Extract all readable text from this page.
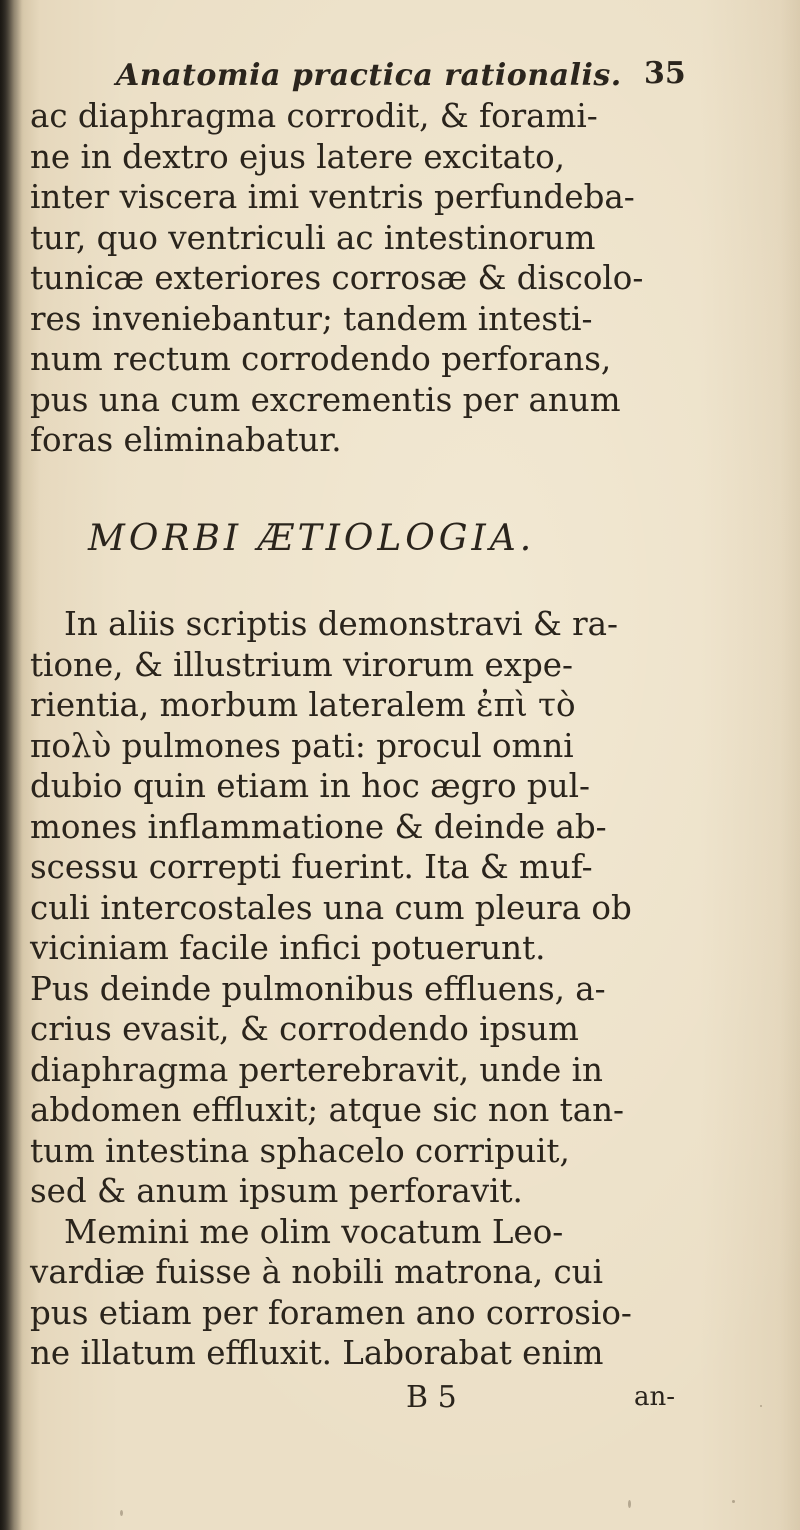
Anatomia practica rationalis. 35
ac diaphragma corrodit, & forami-
ne in dextro ejus latere excitato,
inter viscera imi ventris perfundeba-
tur, quo ventriculi ac intestinorum
tunicæ exteriores corrosæ & discolo-
res inveniebantur; tandem intesti-
num rectum corrodendo perforans,
pus una cum excrementis per anum
foras eliminabatur.
MORBI ÆTIOLOGIA.
In aliis scriptis demonstravi & ra-
tione, & illustrium virorum expe-
rientia, morbum lateralem ἐπὶ τὸ
πολὺ pulmones pati: procul omni
dubio quin etiam in hoc ægro pul-
mones inflammatione & deinde ab-
scessu correpti fuerint. Ita & muf-
culi intercostales una cum pleura ob
viciniam facile infici potuerunt.
Pus deinde pulmonibus effluens, a-
crius evasit, & corrodendo ipsum
diaphragma perterebravit, unde in
abdomen effluxit; atque sic non tan-
tum intestina sphacelo corripuit,
sed & anum ipsum perforavit.
Memini me olim vocatum Leo-
vardiæ fuisse à nobili matrona, cui
pus etiam per foramen ano corrosio-
ne illatum effluxit. Laborabat enim
B 5	an-
